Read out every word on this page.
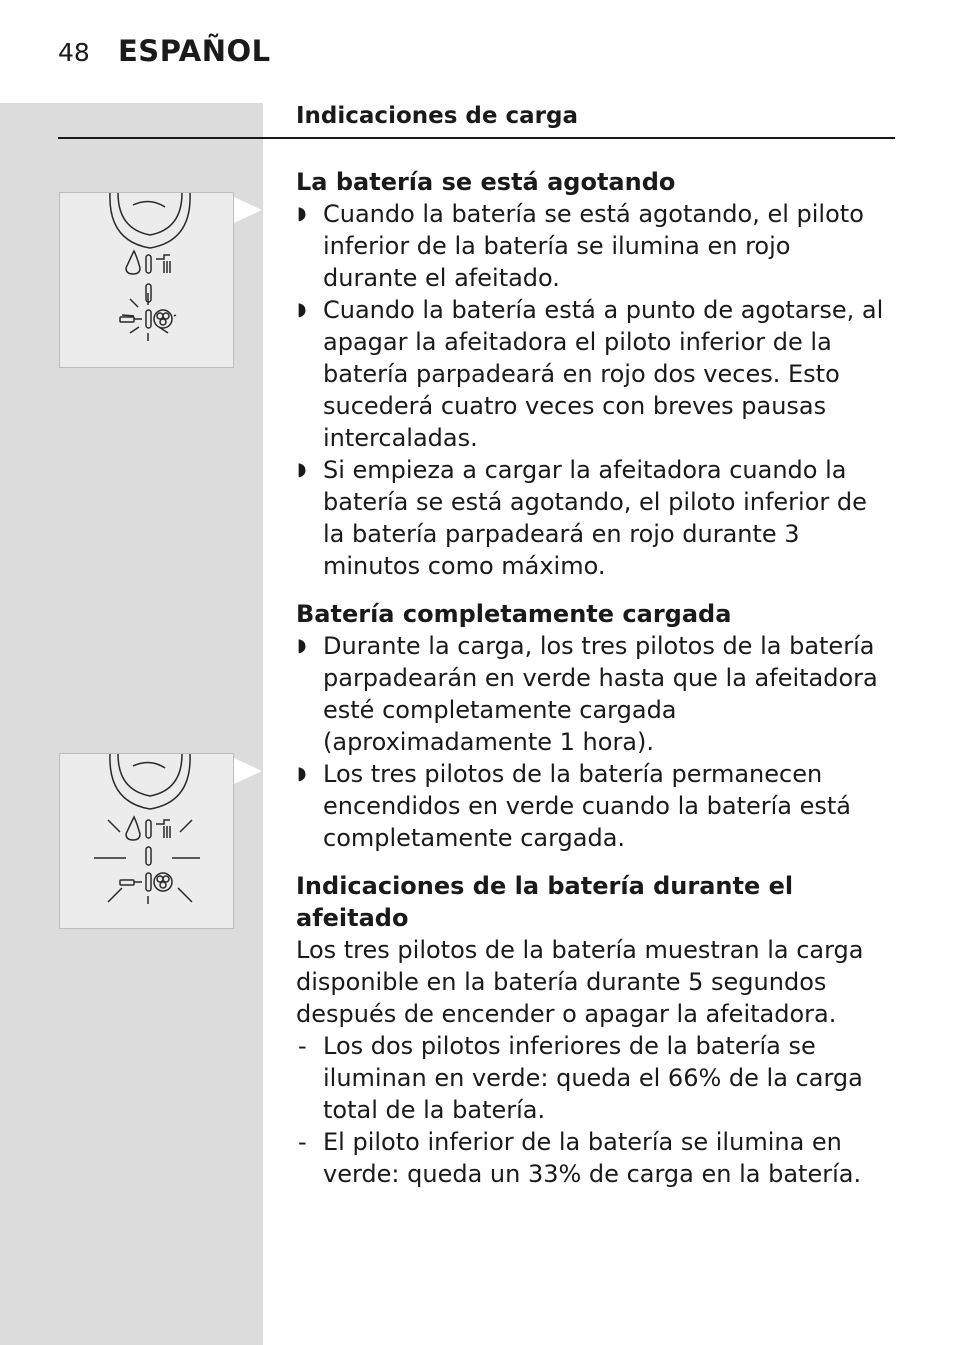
48 ESPAÑOL
Indicaciones de carga
La batería se está agotando
◗ Cuando la batería se está agotando, el piloto inferior de la batería se ilumina en rojo durante el afeitado.
◗ Cuando la batería está a punto de agotarse, al apagar la afeitadora el piloto inferior de la batería parpadeará en rojo dos veces. Esto sucederá cuatro veces con breves pausas intercaladas.
◗ Si empieza a cargar la afeitadora cuando la batería se está agotando, el piloto inferior de la batería parpadeará en rojo durante 3 minutos como máximo.
Batería completamente cargada
◗ Durante la carga, los tres pilotos de la batería parpadearán en verde hasta que la afeitadora esté completamente cargada (aproximadamente 1 hora).
◗ Los tres pilotos de la batería permanecen encendidos en verde cuando la batería está completamente cargada.
Indicaciones de la batería durante el afeitado

Los tres pilotos de la batería muestran la carga disponible en la batería durante 5 segundos después de encender o apagar la afeitadora.

- Los dos pilotos inferiores de la batería se iluminan en verde: queda el 66% de la carga total de la batería.
- El piloto inferior de la batería se ilumina en verde: queda un 33% de carga en la batería.
